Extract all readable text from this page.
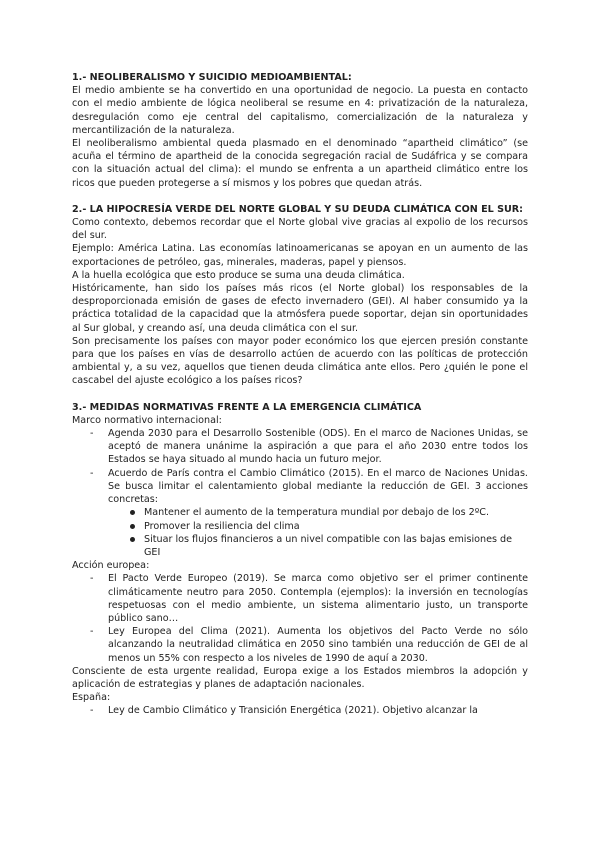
1.- NEOLIBERALISMO Y SUICIDIO MEDIOAMBIENTAL:

El medio ambiente se ha convertido en una oportunidad de negocio. La puesta en contacto con el medio ambiente de lógica neoliberal se resume en 4: privatización de la naturaleza, desregulación como eje central del capitalismo, comercialización de la naturaleza y mercantilización de la naturaleza.

El neoliberalismo ambiental queda plasmado en el denominado “apartheid climático” (se acuña el término de apartheid de la conocida segregación racial de Sudáfrica y se compara con la situación actual del clima): el mundo se enfrenta a un apartheid climático entre los ricos que pueden protegerse a sí mismos y los pobres que quedan atrás.

2.- LA HIPOCRESÍA VERDE DEL NORTE GLOBAL Y SU DEUDA CLIMÁTICA CON EL SUR:

Como contexto, debemos recordar que el Norte global vive gracias al expolio de los recursos del sur.

Ejemplo: América Latina. Las economías latinoamericanas se apoyan en un aumento de las exportaciones de petróleo, gas, minerales, maderas, papel y piensos.

A la huella ecológica que esto produce se suma una deuda climática.

Históricamente, han sido los países más ricos (el Norte global) los responsables de la desproporcionada emisión de gases de efecto invernadero (GEI). Al haber consumido ya la práctica totalidad de la capacidad que la atmósfera puede soportar, dejan sin oportunidades al Sur global, y creando así, una deuda climática con el sur.

Son precisamente los países con mayor poder económico los que ejercen presión constante para que los países en vías de desarrollo actúen de acuerdo con las políticas de protección ambiental y, a su vez, aquellos que tienen deuda climática ante ellos. Pero ¿quién le pone el cascabel del ajuste ecológico a los países ricos?

3.- MEDIDAS NORMATIVAS FRENTE A LA EMERGENCIA CLIMÁTICA

Marco normativo internacional:

- Agenda 2030 para el Desarrollo Sostenible (ODS). En el marco de Naciones Unidas, se aceptó de manera unánime la aspiración a que para el año 2030 entre todos los Estados se haya situado al mundo hacia un futuro mejor.
- Acuerdo de París contra el Cambio Climático (2015). En el marco de Naciones Unidas. Se busca limitar el calentamiento global mediante la reducción de GEI. 3 acciones concretas:
Mantener el aumento de la temperatura mundial por debajo de los 2ºC.
Promover la resiliencia del clima
Situar los flujos financieros a un nivel compatible con las bajas emisiones de GEI

Acción europea:

- El Pacto Verde Europeo (2019). Se marca como objetivo ser el primer continente climáticamente neutro para 2050. Contempla (ejemplos): la inversión en tecnologías respetuosas con el medio ambiente, un sistema alimentario justo, un transporte público sano…
- Ley Europea del Clima (2021). Aumenta los objetivos del Pacto Verde no sólo alcanzando la neutralidad climática en 2050 sino también una reducción de GEI de al menos un 55% con respecto a los niveles de 1990 de aquí a 2030.

Consciente de esta urgente realidad, Europa exige a los Estados miembros la adopción y aplicación de estrategias y planes de adaptación nacionales.

España:

- Ley de Cambio Climático y Transición Energética (2021). Objetivo alcanzar la
